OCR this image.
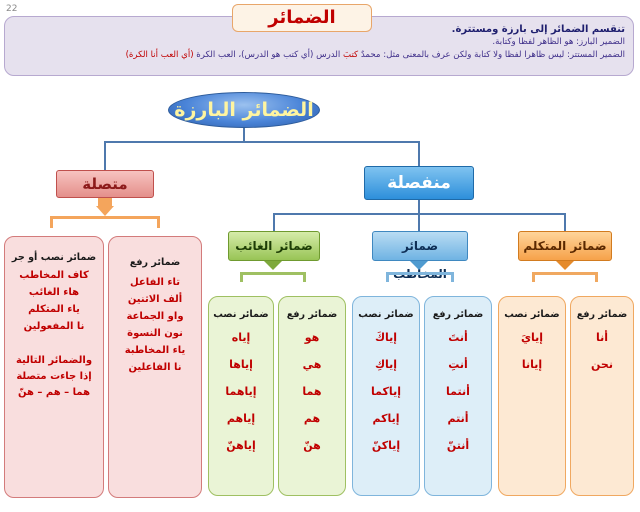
22
تنقسم الضمائر إلى بارزة ومستترة.
الضمير البارز: هو الظاهر لفظا وكتابة.
الضمير المستتر: ليس ظاهرا لفظا ولا كتابة ولكن عرف بالمعنى مثل: محمدٌ كتبَ الدرس (أي كتب هو الدرس)، العب الكرة (أي العب أنا الكرة)
الضمائر
الضمائر البارزة
متصلة	منفصلة
ضمائر الغائب	ضمائر المخاطب
ضمائر المتكلم
ضمائر رفع
تاء الفاعل
ألف الاثنين
واو الجماعة
نون النسوة
ياء المخاطبة
نا الفاعلين
ضمائر نصب أو جر
كاف المخاطب
هاء الغائب
ياء المتكلم
نا المفعولين
والضمائر التالية إذا جاءت متصلة
هما – هم – هنّ
ضمائر رفع
هو
هي
هما
هم
هنّ
ضمائر نصب
إياه
إياها
إياهما
إياهم
إياهنّ
ضمائر رفع
أنتَ
أنتِ
أنتما
أنتم
أنتنّ
ضمائر نصب
إياكَ
إياكِ
إياكما
إياكم
إياكنّ
ضمائر رفع
أنا
نحن
ضمائر نصب
إيايَ
إيانا
